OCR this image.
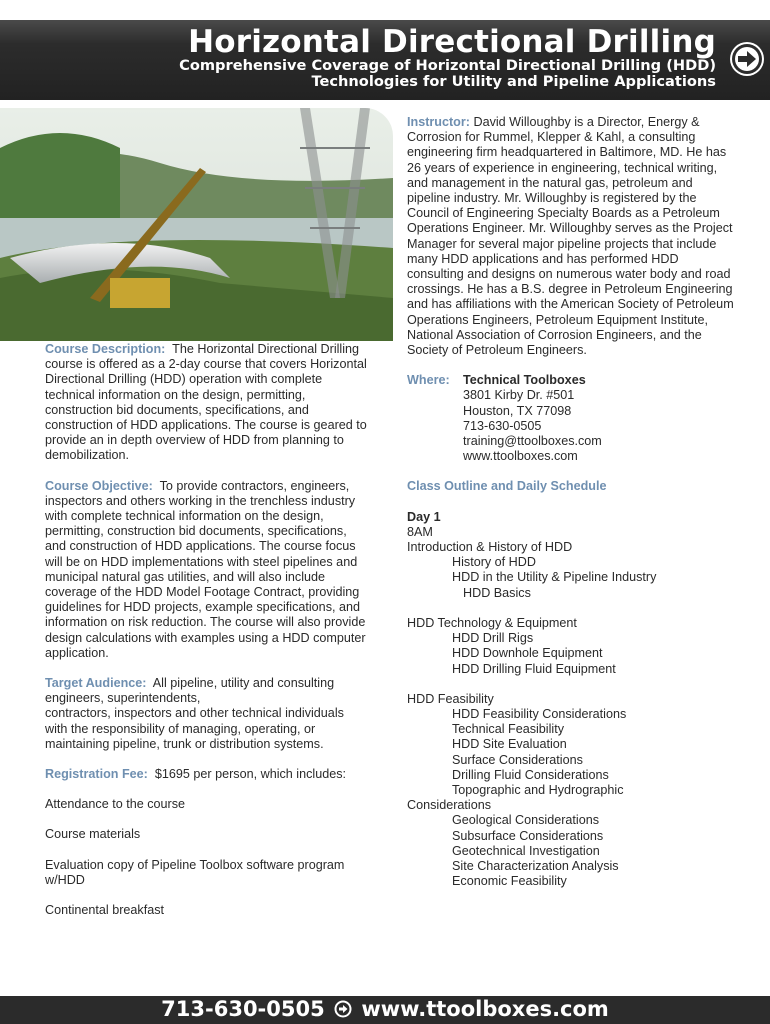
Horizontal Directional Drilling
Comprehensive Coverage of Horizontal Directional Drilling (HDD)
Technologies for Utility and Pipeline Applications

Course Description: The Horizontal Directional Drilling course is offered as a 2-day course that covers Horizontal Directional Drilling (HDD) operation with complete technical information on the design, permitting, construction bid documents, specifications, and construction of HDD applications. The course is geared to provide an in depth overview of HDD from planning to demobilization.

Course Objective: To provide contractors, engineers, inspectors and others working in the trenchless industry with complete technical information on the design, permitting, construction bid documents, specifications, and construction of HDD applications. The course focus will be on HDD implementations with steel pipelines and municipal natural gas utilities, and will also include coverage of the HDD Model Footage Contract, providing guidelines for HDD projects, example specifications, and information on risk reduction. The course will also provide design calculations with examples using a HDD computer application.

Target Audience: All pipeline, utility and consulting engineers, superintendents,
contractors, inspectors and other technical individuals with the responsibility of managing, operating, or maintaining pipeline, trunk or distribution systems.

Registration Fee: $1695 per person, which includes:

Attendance to the course

Course materials

Evaluation copy of Pipeline Toolbox software program w/HDD

Continental breakfast

Instructor: David Willoughby is a Director, Energy & Corrosion for Rummel, Klepper & Kahl, a consulting engineering firm headquartered in Baltimore, MD. He has 26 years of experience in engineering, technical writing, and management in the natural gas, petroleum and pipeline industry. Mr. Willoughby is registered by the Council of Engineering Specialty Boards as a Petroleum Operations Engineer. Mr. Willoughby serves as the Project Manager for several major pipeline projects that include many HDD applications and has performed HDD consulting and designs on numerous water body and road crossings. He has a B.S. degree in Petroleum Engineering and has affiliations with the American Society of Petroleum Operations Engineers, Petroleum Equipment Institute, National Association of Corrosion Engineers, and the Society of Petroleum Engineers.

Where:	Technical Toolboxes
3801 Kirby Dr. #501
Houston, TX 77098
713-630-0505
training@ttoolboxes.com
www.ttoolboxes.com

Class Outline and Daily Schedule

Day 1
8AM
Introduction & History of HDD
History of HDD
HDD in the Utility & Pipeline Industry
HDD Basics
HDD Technology & Equipment
HDD Drill Rigs
HDD Downhole Equipment
HDD Drilling Fluid Equipment
HDD Feasibility
HDD Feasibility Considerations
Technical Feasibility
HDD Site Evaluation
Surface Considerations
Drilling Fluid Considerations
Topographic and Hydrographic
Considerations
Geological Considerations
Subsurface Considerations
Geotechnical Investigation
Site Characterization Analysis
Economic Feasibility
713-630-0505 www.ttoolboxes.com
